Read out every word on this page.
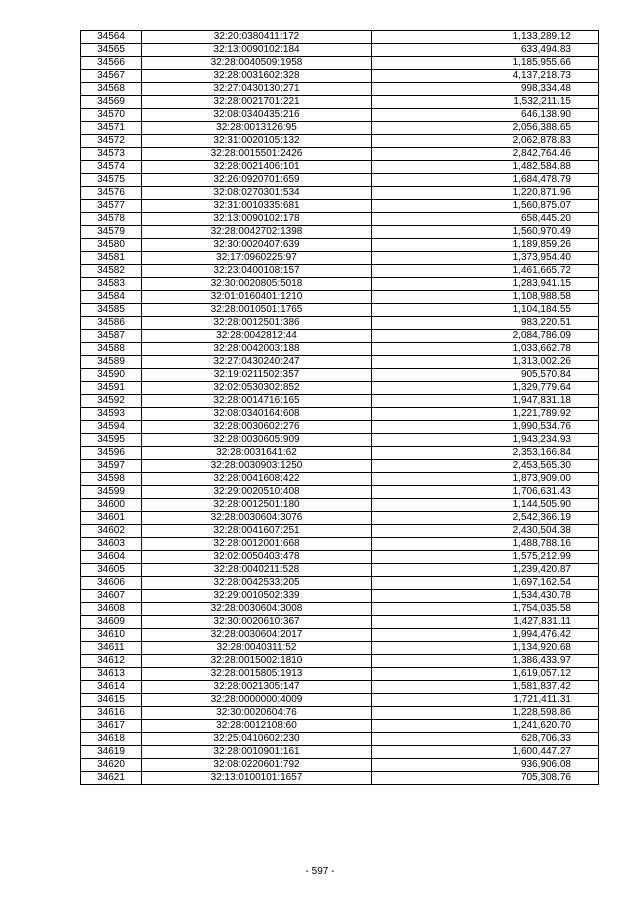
34564	32:20:0380411:172	1,133,289.12
34565	32:13:0090102:184	633,494.83
34566	32:28:0040509:1958	1,185,955.66
34567	32:28:0031602:328	4,137,218.73
34568	32:27:0430130:271	998,334.48
34569	32:28:0021701:221	1,532,211.15
34570	32:08:0340435:216	646,138.90
34571	32:28:0013126:95	2,056,388.65
34572	32:31:0020105:132	2,062,878.83
34573	32:28:0015501:2426	2,842,764.46
34574	32:28:0021406:101	1,482,584.88
34575	32:26:0920701:659	1,684,478.79
34576	32:08:0270301:534	1,220,871.96
34577	32:31:0010335:681	1,560,875.07
34578	32:13:0090102:178	658,445.20
34579	32:28:0042702:1398	1,560,970.49
34580	32:30:0020407:639	1,189,859.26
34581	32:17:0960225:97	1,373,954.40
34582	32:23:0400108:157	1,461,665.72
34583	32:30:0020805:5018	1,283,941.15
34584	32:01:0160401:1210	1,108,988.58
34585	32:28:0010501:1765	1,104,184.55
34586	32:28:0012501:386	983,220.51
34587	32:28:0042812:44	2,084,786.09
34588	32:28:0042003:188	1,033,662.78
34589	32:27:0430240:247	1,313,002.26
34590	32:19:0211502:357	905,570.84
34591	32:02:0530302:852	1,329,779.64
34592	32:28:0014716:165	1,947,831.18
34593	32:08:0340164:608	1,221,789.92
34594	32:28:0030602:276	1,990,534.76
34595	32:28:0030605:909	1,943,234.93
34596	32:28:0031641:62	2,353,166.84
34597	32:28:0030903:1250	2,453,565.30
34598	32:28:0041608:422	1,873,909.00
34599	32:29:0020510:408	1,706,631.43
34600	32:28:0012501:180	1,144,505.90
34601	32:28:0030604:3076	2,542,366.19
34602	32:28:0041607:251	2,430,504.38
34603	32:28:0012001:668	1,488,788.16
34604	32:02:0050403:478	1,575,212.99
34605	32:28:0040211:528	1,239,420.87
34606	32:28:0042533:205	1,697,162.54
34607	32:29:0010502:339	1,534,430.78
34608	32:28:0030604:3008	1,754,035.58
34609	32:30:0020610:367	1,427,831.11
34610	32:28:0030604:2017	1,994,476.42
34611	32:28:0040311:52	1,134,920.68
34612	32:28:0015002:1810	1,386,433.97
34613	32:28:0015805:1913	1,619,057.12
34614	32:28:0021305:147	1,581,837.42
34615	32:28:0000000:4009	1,721,411.31
34616	32:30:0020604:76	1,228,598.86
34617	32:28:0012108:60	1,241,620.70
34618	32:25:0410602:230	628,706.33
34619	32:28:0010901:161	1,600,447.27
34620	32:08:0220601:792	936,906.08
34621	32:13:0100101:1657	705,308.76
- 597 -
